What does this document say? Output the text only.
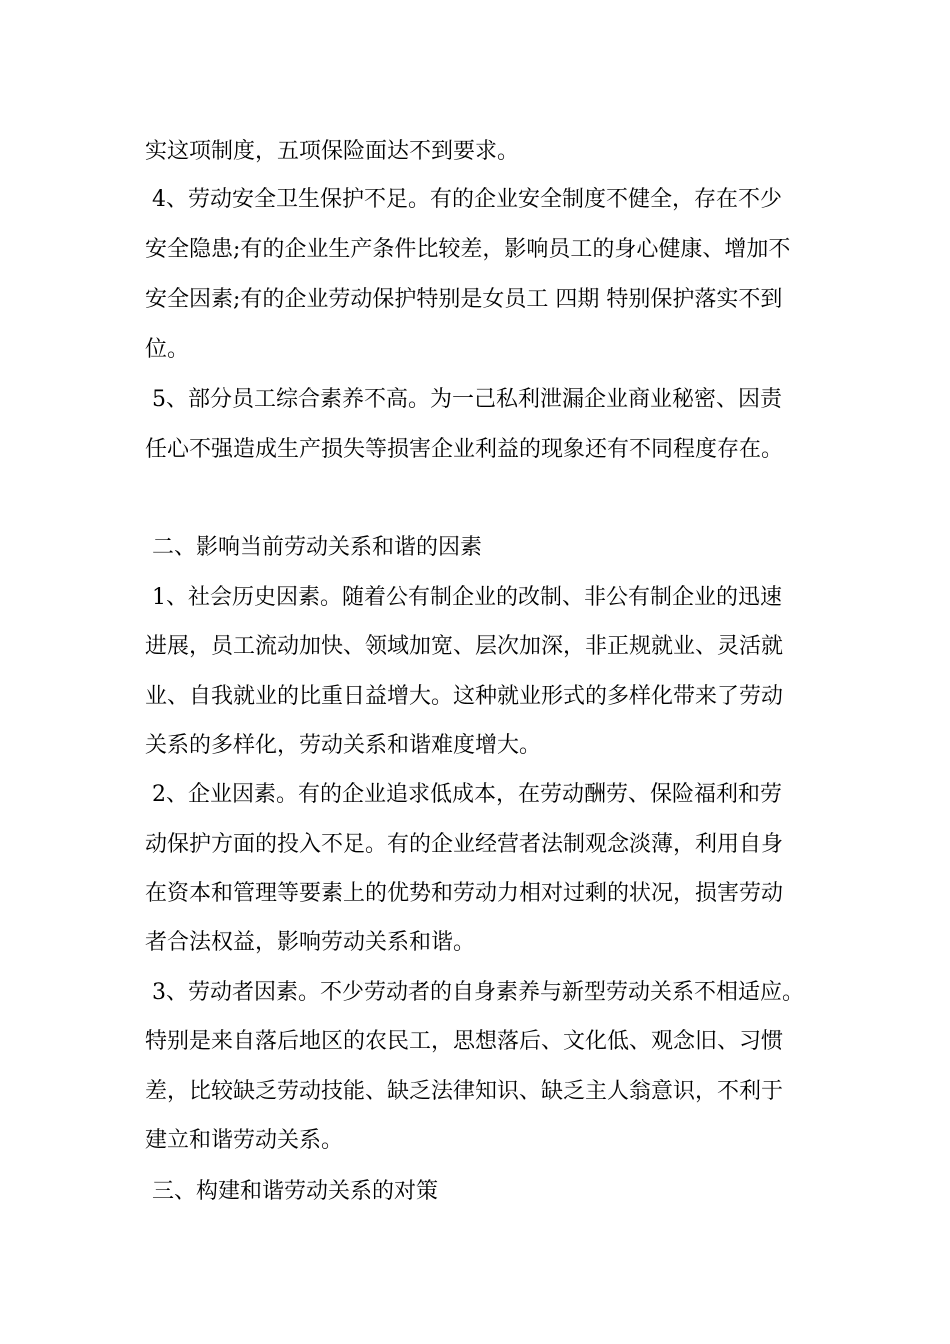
实这项制度，五项保险面达不到要求。

4、劳动安全卫生保护不足。有的企业安全制度不健全，存在不少

安全隐患;有的企业生产条件比较差，影响员工的身心健康、增加不

安全因素;有的企业劳动保护特别是女员工 四期 特别保护落实不到

位。

5、部分员工综合素养不高。为一己私利泄漏企业商业秘密、因责

任心不强造成生产损失等损害企业利益的现象还有不同程度存在。

二、影响当前劳动关系和谐的因素

1、社会历史因素。随着公有制企业的改制、非公有制企业的迅速

进展，员工流动加快、领域加宽、层次加深，非正规就业、灵活就

业、自我就业的比重日益增大。这种就业形式的多样化带来了劳动

关系的多样化，劳动关系和谐难度增大。

2、企业因素。有的企业追求低成本，在劳动酬劳、保险福利和劳

动保护方面的投入不足。有的企业经营者法制观念淡薄，利用自身

在资本和管理等要素上的优势和劳动力相对过剩的状况，损害劳动

者合法权益，影响劳动关系和谐。

3、劳动者因素。不少劳动者的自身素养与新型劳动关系不相适应。

特别是来自落后地区的农民工，思想落后、文化低、观念旧、习惯

差，比较缺乏劳动技能、缺乏法律知识、缺乏主人翁意识，不利于

建立和谐劳动关系。

三、构建和谐劳动关系的对策
